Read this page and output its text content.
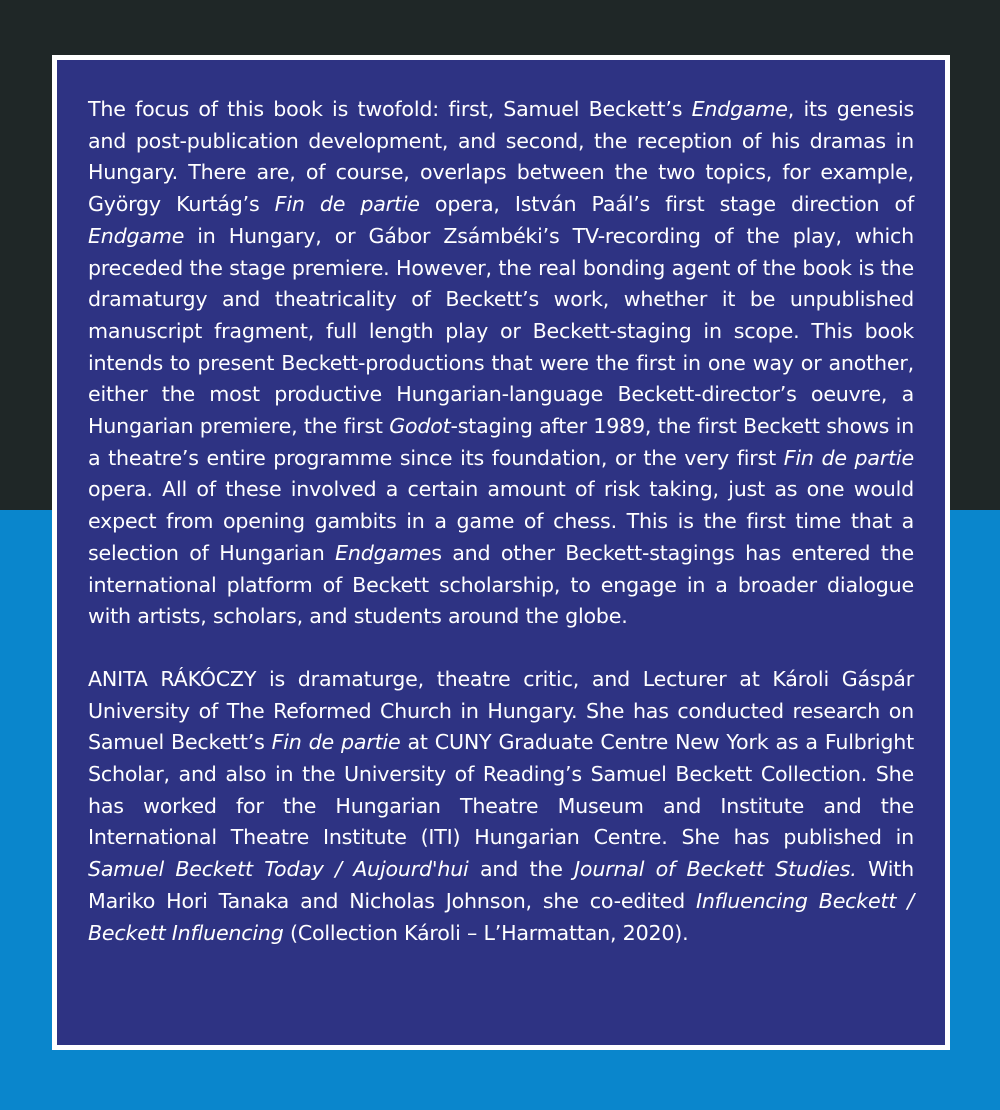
The focus of this book is twofold: first, Samuel Beckett’s Endgame, its genesis and post-publication development, and second, the reception of his dramas in Hungary. There are, of course, overlaps between the two topics, for example, György Kurtág’s Fin de partie opera, István Paál’s first stage direction of Endgame in Hungary, or Gábor Zsámbéki’s TV-recording of the play, which preceded the stage premiere. However, the real bonding agent of the book is the dramaturgy and theatricality of Beckett’s work, whether it be unpublished manuscript fragment, full length play or Beckett-staging in scope. This book intends to present Beckett-productions that were the first in one way or another, either the most productive Hungarian-language Beckett-director’s oeuvre, a Hungarian premiere, the first Godot-staging after 1989, the first Beckett shows in a theatre’s entire programme since its foundation, or the very first Fin de partie opera. All of these involved a certain amount of risk taking, just as one would expect from opening gambits in a game of chess. This is the first time that a selection of Hungarian Endgames and other Beckett-stagings has entered the international platform of Beckett scholarship, to engage in a broader dialogue with artists, scholars, and students around the globe.

ANITA RÁKÓCZY is dramaturge, theatre critic, and Lecturer at Károli Gáspár University of The Reformed Church in Hungary. She has conducted research on Samuel Beckett’s Fin de partie at CUNY Graduate Centre New York as a Fulbright Scholar, and also in the University of Reading’s Samuel Beckett Collection. She has worked for the Hungarian Theatre Museum and Institute and the International Theatre Institute (ITI) Hungarian Centre. She has published in Samuel Beckett Today / Aujourd'hui and the Journal of Beckett Studies. With Mariko Hori Tanaka and Nicholas Johnson, she co-edited Influencing Beckett / Beckett Influencing (Collection Károli – L’Harmattan, 2020).
